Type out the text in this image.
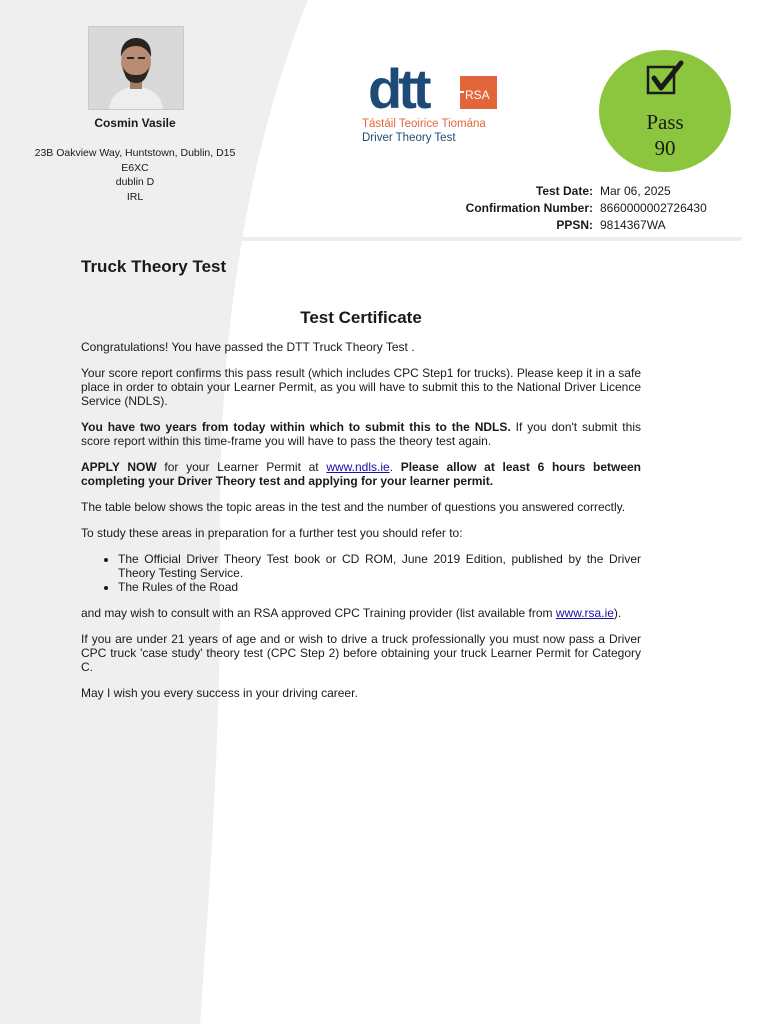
Cosmin Vasile
23B Oakview Way, Huntstown, Dublin, D15
E6XC
dublin D
IRL
dtt	RSA
Tástáil Teoirice Tiomána
Driver Theory Test
Pass
90
Test Date: Mar 06, 2025
Confirmation Number: 8660000002726430
PPSN: 9814367WA
Truck Theory Test
Test Certificate

Congratulations! You have passed the DTT Truck Theory Test .

Your score report confirms this pass result (which includes CPC Step1 for trucks). Please keep it in a safe place in order to obtain your Learner Permit, as you will have to submit this to the National Driver Licence Service (NDLS).

You have two years from today within which to submit this to the NDLS. If you don't submit this score report within this time-frame you will have to pass the theory test again.

APPLY NOW for your Learner Permit at www.ndls.ie. Please allow at least 6 hours between completing your Driver Theory test and applying for your learner permit.

The table below shows the topic areas in the test and the number of questions you answered correctly.

To study these areas in preparation for a further test you should refer to:

• The Official Driver Theory Test book or CD ROM, June 2019 Edition, published by the Driver Theory Testing Service.
• The Rules of the Road

and may wish to consult with an RSA approved CPC Training provider (list available from www.rsa.ie).

If you are under 21 years of age and or wish to drive a truck professionally you must now pass a Driver CPC truck 'case study' theory test (CPC Step 2) before obtaining your truck Learner Permit for Category C.

May I wish you every success in your driving career.
